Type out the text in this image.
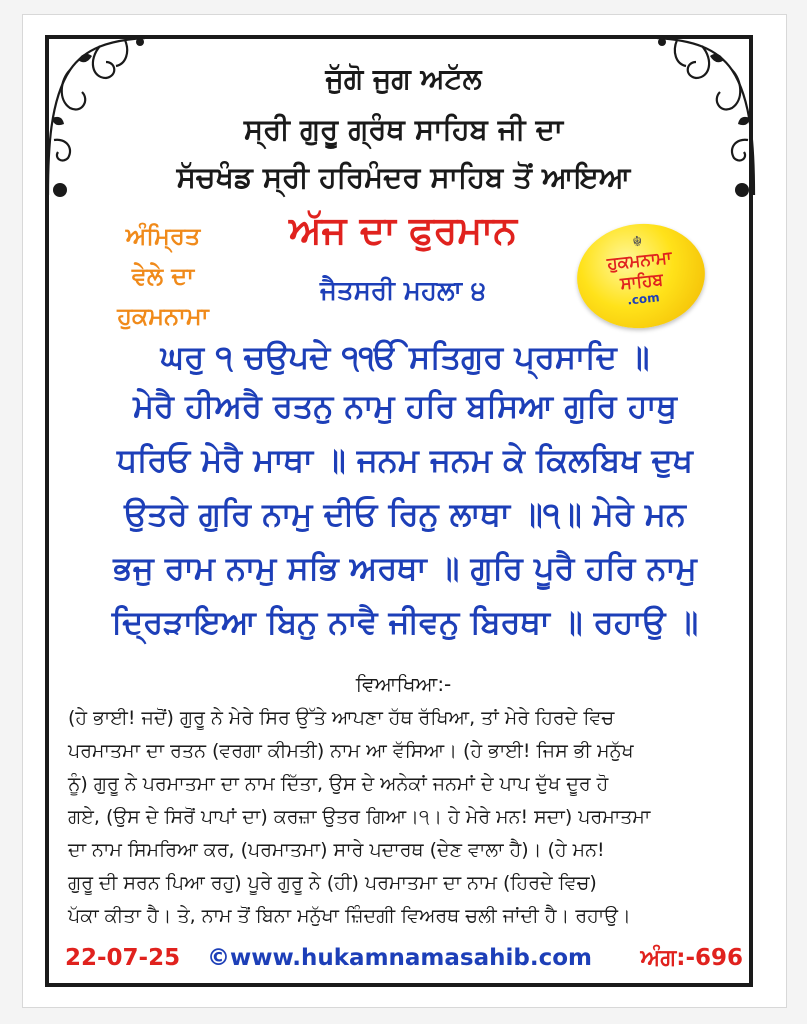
ਜੁੱਗੋ ਜੁਗ ਅਟੱਲ
ਸ੍ਰੀ ਗੁਰੂ ਗ੍ਰੰਥ ਸਾਹਿਬ ਜੀ ਦਾ
ਸੱਚਖੰਡ ਸ੍ਰੀ ਹਰਿਮੰਦਰ ਸਾਹਿਬ ਤੋਂ ਆਇਆ
ਅੰਮ੍ਰਿਤ
ਵੇਲੇ ਦਾ
ਹੁਕਮਨਾਮਾ
ਅੱਜ ਦਾ ਫੁਰਮਾਨ
ਜੈਤਸਰੀ ਮਹਲਾ ੪
☬
ਹੁਕਮਨਾਮਾ
ਸਾਹਿਬ
.com
ਘਰੁ ੧ ਚਉਪਦੇ ੧ੴ ਸਤਿਗੁਰ ਪ੍ਰਸਾਦਿ ॥
ਮੇਰੈ ਹੀਅਰੈ ਰਤਨੁ ਨਾਮੁ ਹਰਿ ਬਸਿਆ ਗੁਰਿ ਹਾਥੁ
ਧਰਿਓ ਮੇਰੈ ਮਾਥਾ ॥ ਜਨਮ ਜਨਮ ਕੇ ਕਿਲਬਿਖ ਦੁਖ
ਉਤਰੇ ਗੁਰਿ ਨਾਮੁ ਦੀਓ ਰਿਨੁ ਲਾਥਾ ॥੧॥ ਮੇਰੇ ਮਨ
ਭਜੁ ਰਾਮ ਨਾਮੁ ਸਭਿ ਅਰਥਾ ॥ ਗੁਰਿ ਪੂਰੈ ਹਰਿ ਨਾਮੁ
ਦ੍ਰਿੜਾਇਆ ਬਿਨੁ ਨਾਵੈ ਜੀਵਨੁ ਬਿਰਥਾ ॥ ਰਹਾਉ ॥
ਵਿਆਖਿਆ:-
(ਹੇ ਭਾਈ! ਜਦੋਂ) ਗੁਰੂ ਨੇ ਮੇਰੇ ਸਿਰ ਉੱਤੇ ਆਪਣਾ ਹੱਥ ਰੱਖਿਆ, ਤਾਂ ਮੇਰੇ ਹਿਰਦੇ ਵਿਚ
ਪਰਮਾਤਮਾ ਦਾ ਰਤਨ (ਵਰਗਾ ਕੀਮਤੀ) ਨਾਮ ਆ ਵੱਸਿਆ। (ਹੇ ਭਾਈ! ਜਿਸ ਭੀ ਮਨੁੱਖ
ਨੂੰ) ਗੁਰੂ ਨੇ ਪਰਮਾਤਮਾ ਦਾ ਨਾਮ ਦਿੱਤਾ, ਉਸ ਦੇ ਅਨੇਕਾਂ ਜਨਮਾਂ ਦੇ ਪਾਪ ਦੁੱਖ ਦੂਰ ਹੋ
ਗਏ, (ਉਸ ਦੇ ਸਿਰੋਂ ਪਾਪਾਂ ਦਾ) ਕਰਜ਼ਾ ਉਤਰ ਗਿਆ।੧। ਹੇ ਮੇਰੇ ਮਨ! ਸਦਾ) ਪਰਮਾਤਮਾ
ਦਾ ਨਾਮ ਸਿਮਰਿਆ ਕਰ, (ਪਰਮਾਤਮਾ) ਸਾਰੇ ਪਦਾਰਥ (ਦੇਣ ਵਾਲਾ ਹੈ)। (ਹੇ ਮਨ!
ਗੁਰੂ ਦੀ ਸਰਨ ਪਿਆ ਰਹੁ) ਪੂਰੇ ਗੁਰੂ ਨੇ (ਹੀ) ਪਰਮਾਤਮਾ ਦਾ ਨਾਮ (ਹਿਰਦੇ ਵਿਚ)
ਪੱਕਾ ਕੀਤਾ ਹੈ। ਤੇ, ਨਾਮ ਤੋਂ ਬਿਨਾ ਮਨੁੱਖਾ ਜ਼ਿੰਦਗੀ ਵਿਅਰਥ ਚਲੀ ਜਾਂਦੀ ਹੈ। ਰਹਾਉ।
22-07-25 ©www.hukamnamasahib.com ਅੰਗ:-696
